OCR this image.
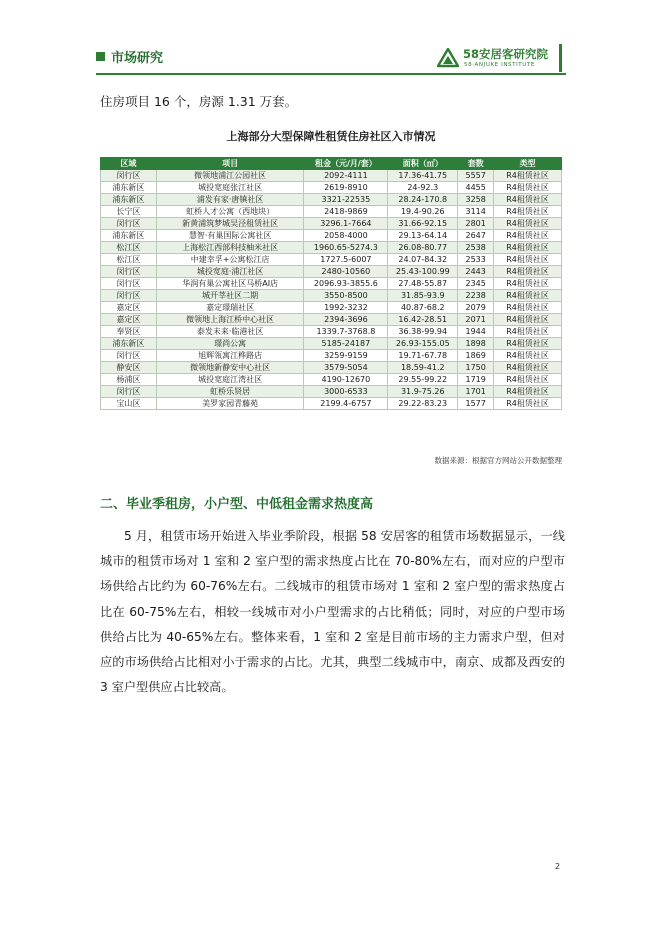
市场研究	58安居客研究院
58·ANJUKE INSTITUTE
住房项目 16 个，房源 1.31 万套。
上海部分大型保障性租赁住房社区入市情况
区域	项目	租金（元/月/套）	面积（㎡）	套数	类型
闵行区	微领地浦江公园社区	2092-4111	17.36-41.75	5557	R4租赁社区
浦东新区	城投宽庭张江社区	2619-8910	24-92.3	4455	R4租赁社区
浦东新区	浦发有家·唐镇社区	3321-22535	28.24-170.8	3258	R4租赁社区
长宁区	虹桥人才公寓（西地块）	2418-9869	19.4-90.26	3114	R4租赁社区
闵行区	新黄浦筑梦城吴泾租赁社区	3296.1-7664	31.66-92.15	2801	R4租赁社区
浦东新区	慧智·有巢国际公寓社区	2058-4000	29.13-64.14	2647	R4租赁社区
松江区	上海松江西部科技柚米社区	1960.65-5274.3	26.08-80.77	2538	R4租赁社区
松江区	中建幸孚+公寓松江店	1727.5-6007	24.07-84.32	2533	R4租赁社区
闵行区	城投宽庭·浦江社区	2480-10560	25.43-100.99	2443	R4租赁社区
闵行区	华润有巢公寓社区马桥AI店	2096.93-3855.6	27.48-55.87	2345	R4租赁社区
闵行区	城开莘社区二期	3550-8500	31.85-93.9	2238	R4租赁社区
嘉定区	嘉定璟瑞社区	1992-3232	40.87-68.2	2079	R4租赁社区
嘉定区	微领地上海江桥中心社区	2394-3696	16.42-28.51	2071	R4租赁社区
奉贤区	泰发未来·临港社区	1339.7-3768.8	36.38-99.94	1944	R4租赁社区
浦东新区	璟尚公寓	5185-24187	26.93-155.05	1898	R4租赁社区
闵行区	旭辉瓴寓江桦路店	3259-9159	19.71-67.78	1869	R4租赁社区
静安区	微领地新静安中心社区	3579-5054	18.59-41.2	1750	R4租赁社区
杨浦区	城投宽庭江湾社区	4190-12670	29.55-99.22	1719	R4租赁社区
闵行区	虹桥乐贤居	3000-6533	31.9-75.26	1701	R4租赁社区
宝山区	美罗家园青藤苑	2199.4-6757	29.22-83.23	1577	R4租赁社区
数据来源：根据官方网站公开数据整理
二、毕业季租房，小户型、中低租金需求热度高

5 月，租赁市场开始进入毕业季阶段，根据 58 安居客的租赁市场数据显示，一线城市的租赁市场对 1 室和 2 室户型的需求热度占比在 70-80%左右，而对应的户型市场供给占比约为 60-76%左右。二线城市的租赁市场对 1 室和 2 室户型的需求热度占比在 60-75%左右，相较一线城市对小户型需求的占比稍低；同时，对应的户型市场供给占比为 40-65%左右。整体来看，1 室和 2 室是目前市场的主力需求户型，但对应的市场供给占比相对小于需求的占比。尤其，典型二线城市中，南京、成都及西安的 3 室户型供应占比较高。

2
